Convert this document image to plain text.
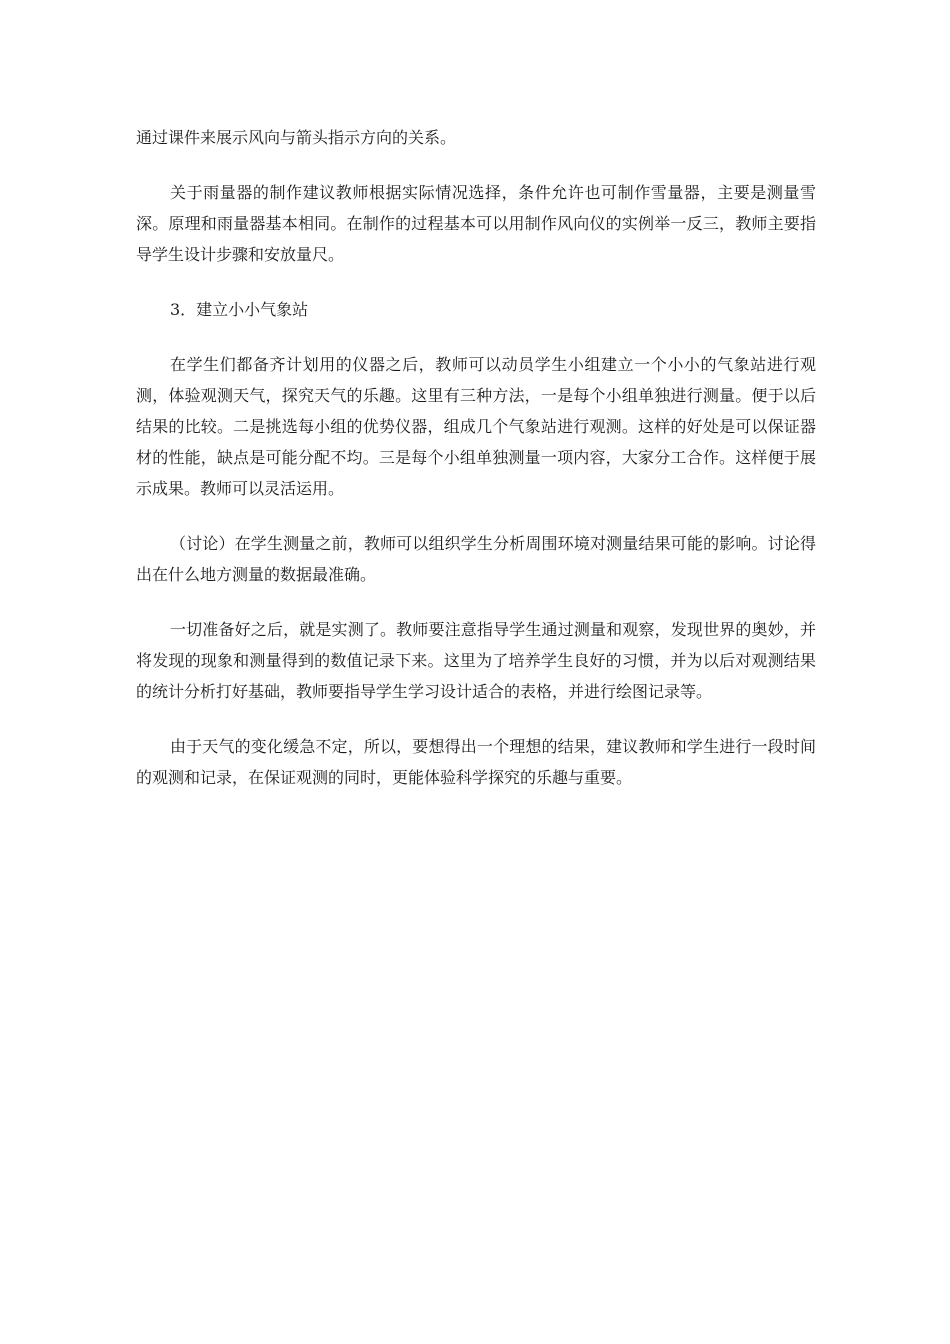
通过课件来展示风向与箭头指示方向的关系。

关于雨量器的制作建议教师根据实际情况选择，条件允许也可制作雪量器，主要是测量雪深。原理和雨量器基本相同。在制作的过程基本可以用制作风向仪的实例举一反三，教师主要指导学生设计步骤和安放量尺。

3．建立小小气象站

在学生们都备齐计划用的仪器之后，教师可以动员学生小组建立一个小小的气象站进行观测，体验观测天气，探究天气的乐趣。这里有三种方法，一是每个小组单独进行测量。便于以后结果的比较。二是挑选每小组的优势仪器，组成几个气象站进行观测。这样的好处是可以保证器材的性能，缺点是可能分配不均。三是每个小组单独测量一项内容，大家分工合作。这样便于展示成果。教师可以灵活运用。

（讨论）在学生测量之前，教师可以组织学生分析周围环境对测量结果可能的影响。讨论得出在什么地方测量的数据最准确。

一切准备好之后，就是实测了。教师要注意指导学生通过测量和观察，发现世界的奥妙，并将发现的现象和测量得到的数值记录下来。这里为了培养学生良好的习惯，并为以后对观测结果的统计分析打好基础，教师要指导学生学习设计适合的表格，并进行绘图记录等。

由于天气的变化缓急不定，所以，要想得出一个理想的结果，建议教师和学生进行一段时间的观测和记录，在保证观测的同时，更能体验科学探究的乐趣与重要。
